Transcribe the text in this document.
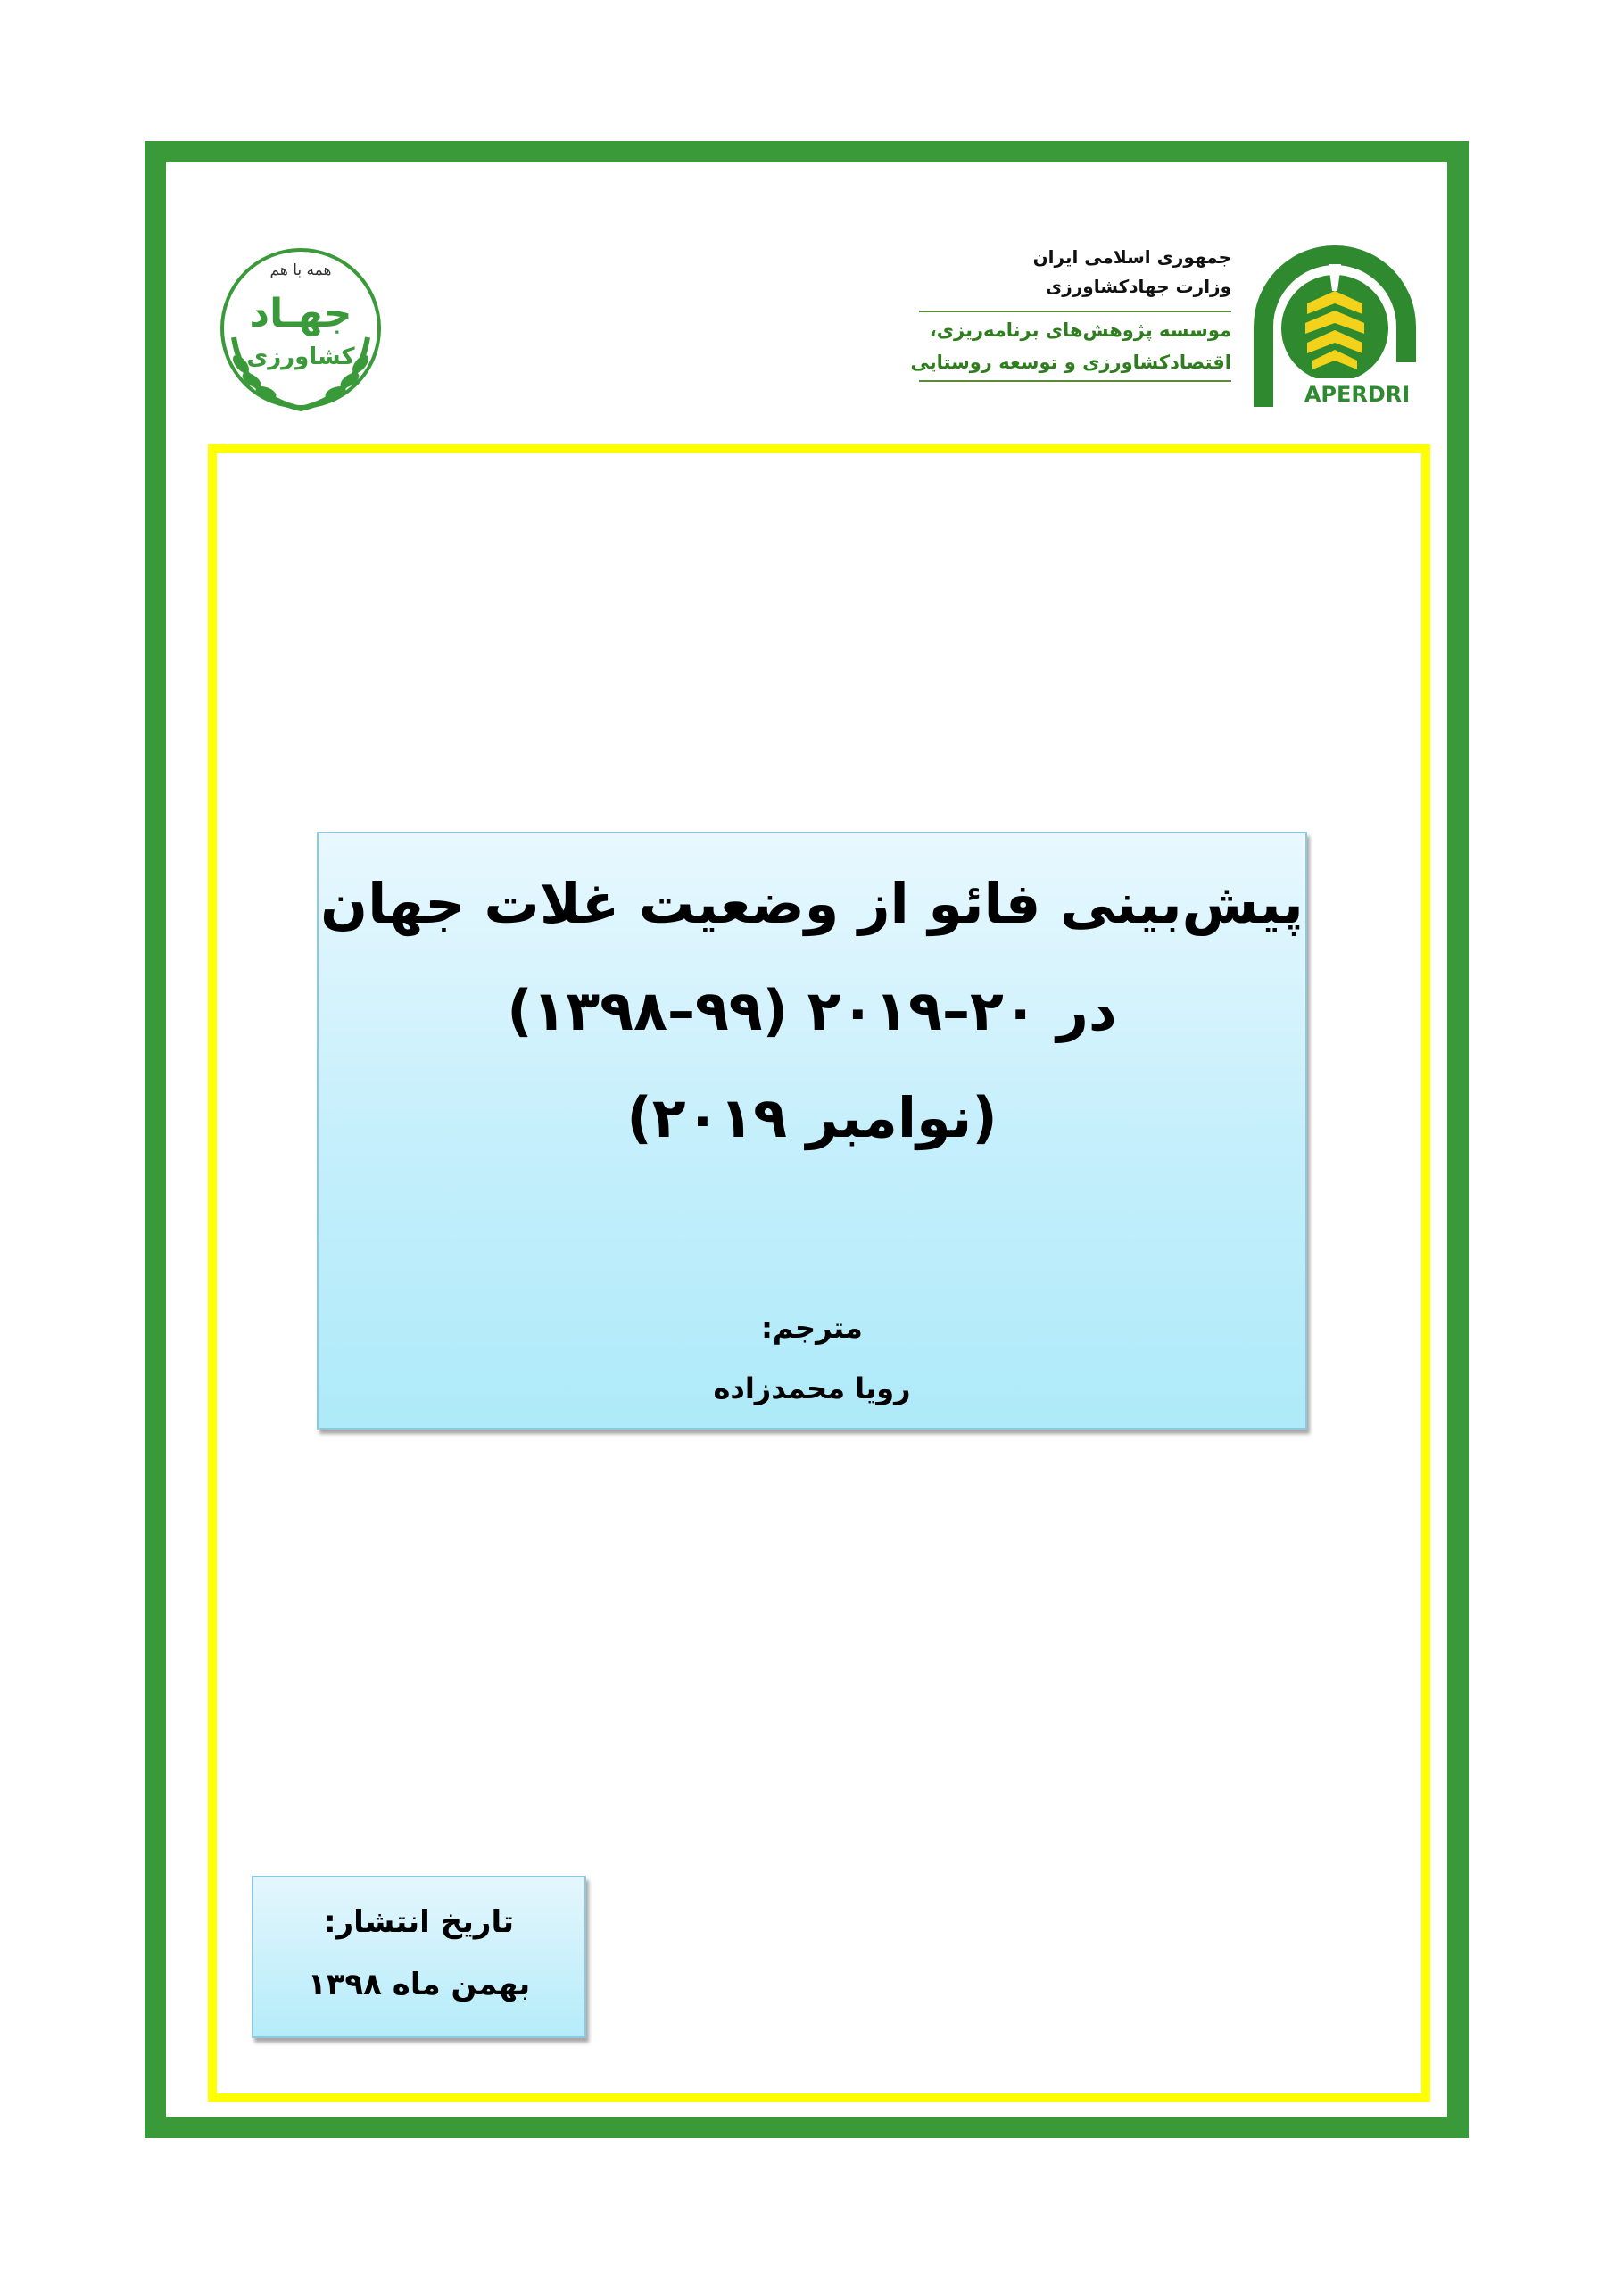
همه با هم
جهـاد
کشاورزی
جمهوری اسلامی ایران
وزارت جهادکشاورزی
موسسه پژوهش‌های برنامه‌ریزی،
اقتصادکشاورزی و توسعه روستایی
APERDRI
پیش‌بینی فائو از وضعیت غلات جهان
در ۲۰–۲۰۱۹ (۹۹–۱۳۹۸)
(نوامبر ۲۰۱۹)
مترجم:
رویا محمدزاده
تاریخ انتشار:
بهمن ماه ۱۳۹۸
